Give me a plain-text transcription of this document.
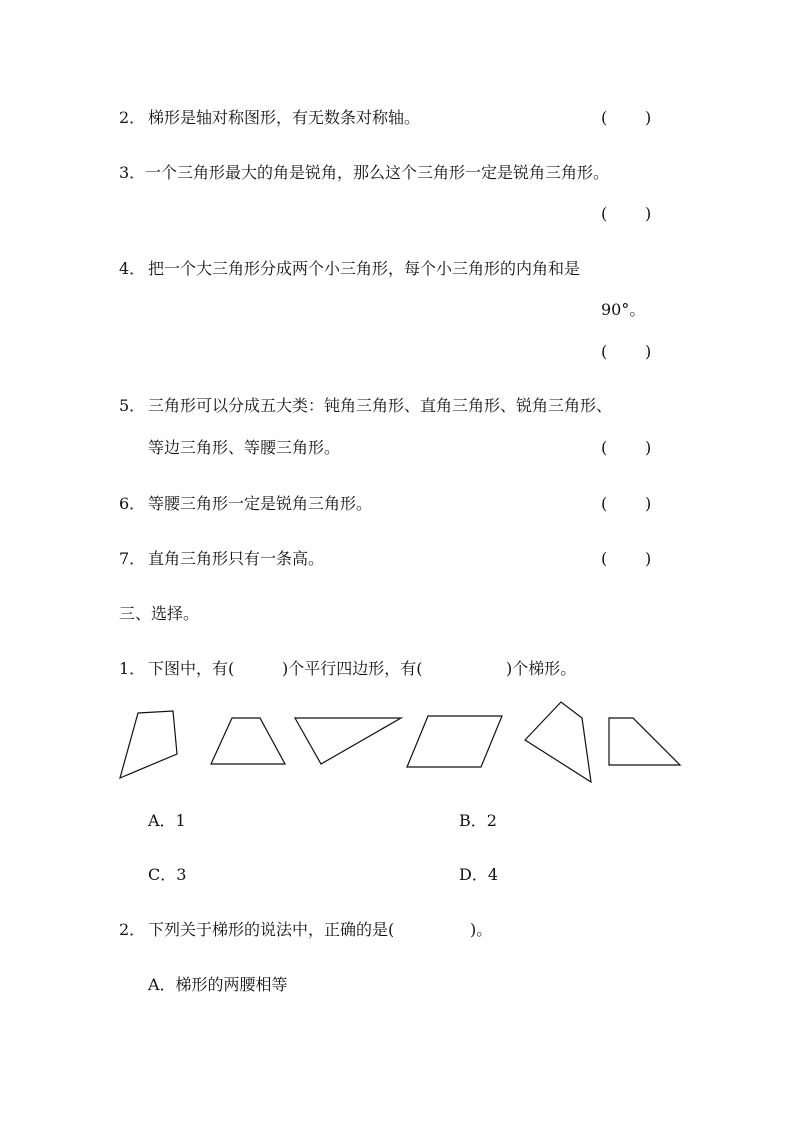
2． 梯形是轴对称图形，有无数条对称轴。	( )
3． 一个三角形最大的角是锐角，那么这个三角形一定是锐角三角形。
( )
4． 把一个大三角形分成两个小三角形，每个小三角形的内角和是
90°。
( )
5． 三角形可以分成五大类：钝角三角形、直角三角形、锐角三角形、
等边三角形、等腰三角形。	( )
6． 等腰三角形一定是锐角三角形。	( )
7． 直角三角形只有一条高。	( )
三、选择。
1． 下图中，有(	)个平行四边形，有(	)个梯形。
A．1	B．2
C．3	D．4
2． 下列关于梯形的说法中，正确的是(	)。
A．梯形的两腰相等
